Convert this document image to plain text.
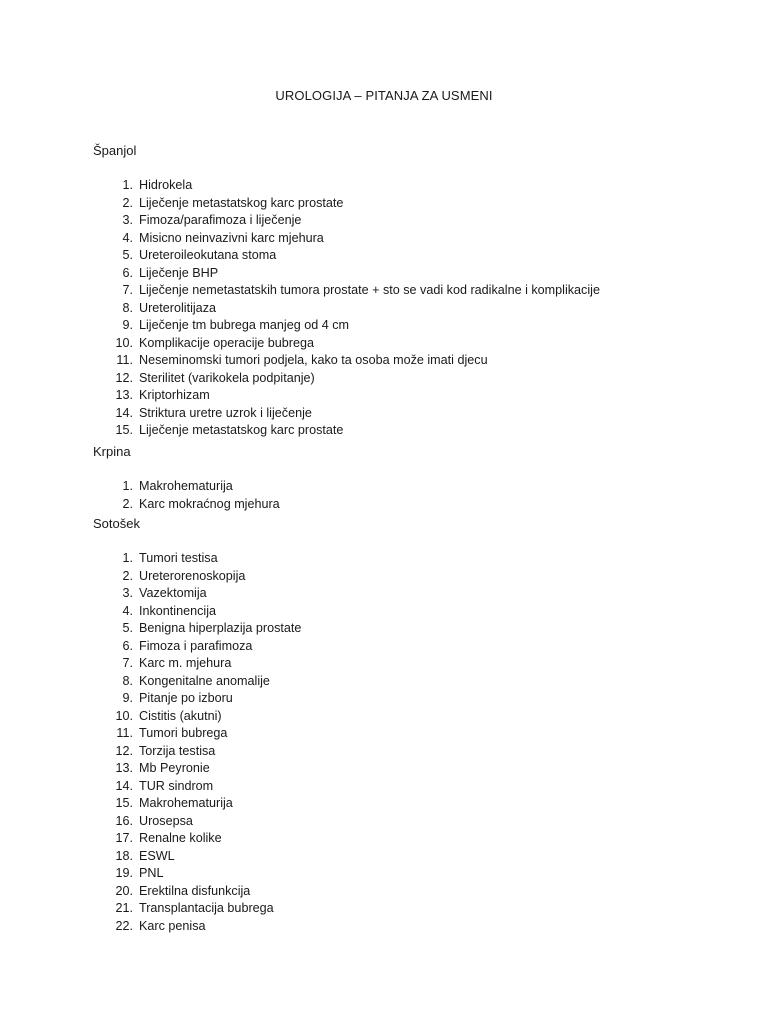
UROLOGIJA – PITANJA ZA USMENI

Španjol

1. Hidrokela
2. Liječenje metastatskog karc prostate
3. Fimoza/parafimoza i liječenje
4. Misicno neinvazivni karc mjehura
5. Ureteroileokutana stoma
6. Liječenje BHP
7. Liječenje nemetastatskih tumora prostate + sto se vadi kod radikalne i komplikacije
8. Ureterolitijaza
9. Liječenje tm bubrega manjeg od 4 cm
10. Komplikacije operacije bubrega
11. Neseminomski tumori podjela, kako ta osoba može imati djecu
12. Sterilitet (varikokela podpitanje)
13. Kriptorhizam
14. Striktura uretre uzrok i liječenje
15. Liječenje metastatskog karc prostate

Krpina

1. Makrohematurija
2. Karc mokraćnog mjehura

Sotošek

1. Tumori testisa
2. Ureterorenoskopija
3. Vazektomija
4. Inkontinencija
5. Benigna hiperplazija prostate
6. Fimoza i parafimoza
7. Karc m. mjehura
8. Kongenitalne anomalije
9. Pitanje po izboru
10. Cistitis (akutni)
11. Tumori bubrega
12. Torzija testisa
13. Mb Peyronie
14. TUR sindrom
15. Makrohematurija
16. Urosepsa
17. Renalne kolike
18. ESWL
19. PNL
20. Erektilna disfunkcija
21. Transplantacija bubrega
22. Karc penisa
